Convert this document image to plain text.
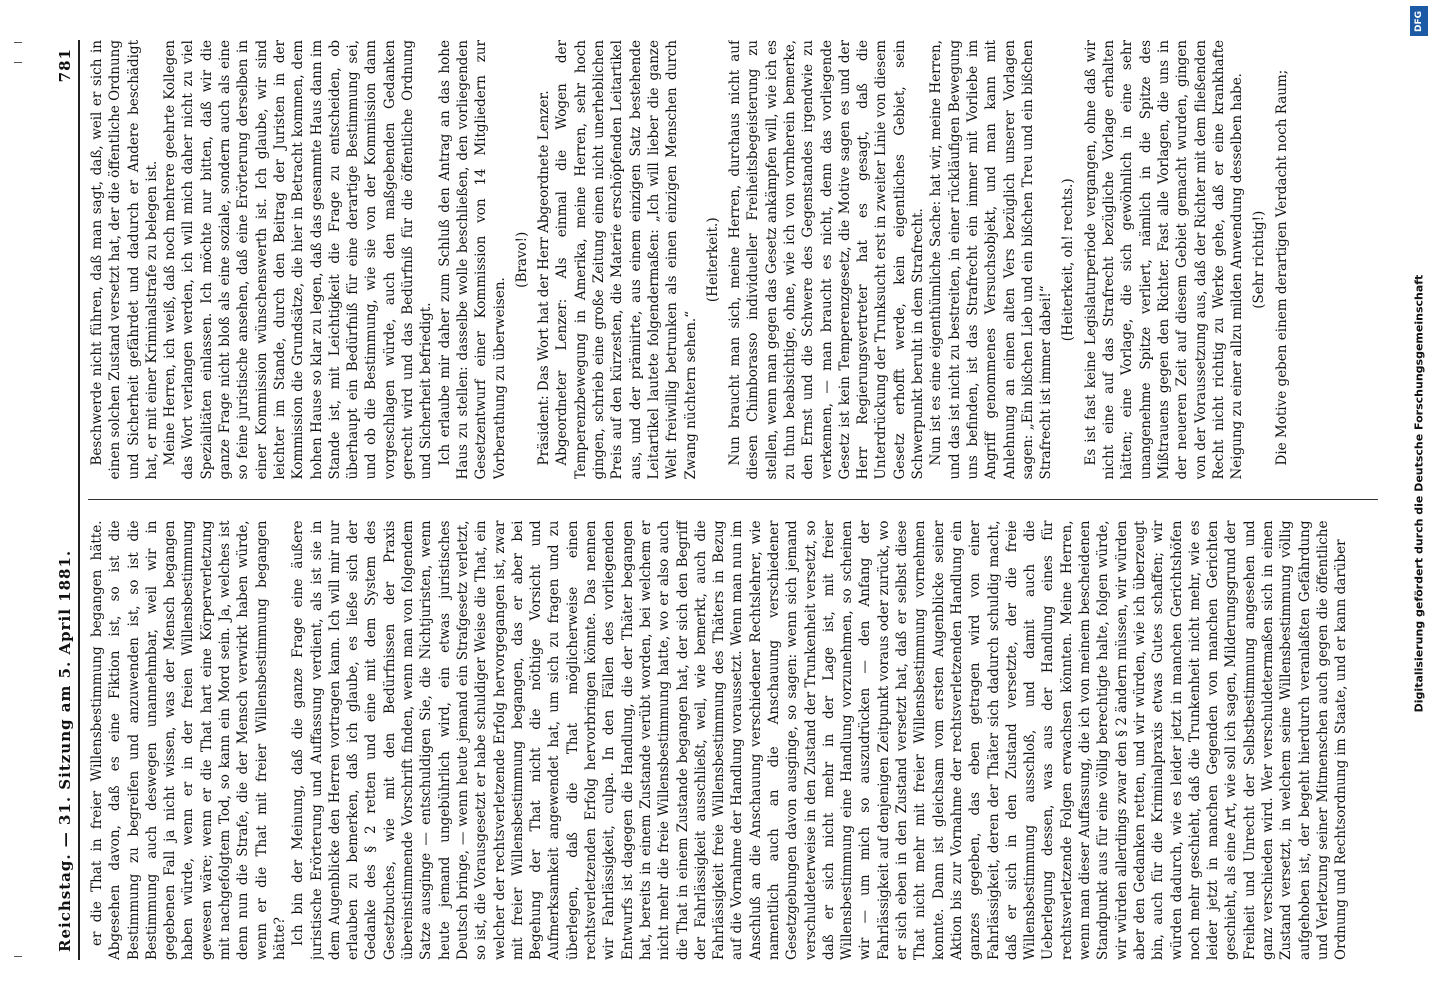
Reichstag. — 31. Sitzung am 5. April 1881.
781

er die That in freier Willensbestimmung begangen hätte. Abgesehen davon, daß es eine Fiktion ist, so ist die Bestimmung zu begreifen und anzuwenden ist, so ist die Bestimmung auch deswegen unannehmbar, weil wir in gegebenen Fall ja nicht wissen, was der Mensch begangen haben würde, wenn er in der freien Willensbestimmung gewesen wäre; wenn er die That hart eine Körperverletzung mit nachgefolgtem Tod, so kann ein Mord sein. Ja, welches ist denn nun die Strafe, die der Mensch verwirkt haben würde, wenn er die That mit freier Willensbestimmung begangen hätte? Ich bin der Meinung, daß die ganze Frage eine äußere juristische Erörterung und Auffassung verdient, als ist sie in dem Augenblicke den Herren vortragen kann. Ich will mir nur erlauben zu bemerken, daß ich glaube, es ließe sich der Gedanke des § 2 retten und eine mit dem System des Gesetzbuches, wie mit den Bedürfnissen der Praxis übereinstimmende Vorschrift finden, wenn man von folgendem Satze ausginge — entschuldigen Sie, die Nichtjuristen, wenn heute jemand ungebührlich wird, ein etwas juristisches Deutsch bringe, — wenn heute jemand ein Strafgesetz verletzt, so ist, die Vorausgesetzt er habe schuldiger Weise die That, ein welcher der rechtsverletzende Erfolg hervorgegangen ist, zwar mit freier Willensbestimmung begangen, das er aber bei Begehung der That nicht die nöthige Vorsicht und Aufmerksamkeit angewendet hat, um sich zu fragen und zu überlegen, daß die That möglicherweise einen rechtsverletzenden Erfolg hervorbringen könnte. Das nennen wir Fahrlässigkeit, culpa. In den Fällen des vorliegenden Entwurfs ist dagegen die Handlung, die der Thäter begangen hat, bereits in einem Zustande verübt worden, bei welchem er nicht mehr die freie Willensbestimmung hatte, wo er also auch die That in einem Zustande begangen hat, der sich den Begriff der Fahrlässigkeit ausschließt, weil, wie bemerkt, auch die Fahrlässigkeit freie Willensbestimmung des Thäters in Bezug auf die Vornahme der Handlung voraussetzt. Wenn man nun im Anschluß an die Anschauung verschiedener Rechtslehrer, wie namentlich auch an die Anschauung verschiedener Gesetzgebungen davon ausginge, so sagen: wenn sich jemand verschuldeterweise in den Zustand der Trunkenheit versetzt, so daß er sich nicht mehr in der Lage ist, mit freier Willensbestimmung eine Handlung vorzunehmen, so scheinen wir — um mich so auszudrücken — den Anfang der Fahrlässigkeit auf denjenigen Zeitpunkt voraus oder zurück, wo er sich eben in den Zustand versetzt hat, daß er selbst diese That nicht mehr mit freier Willensbestimmung vornehmen konnte. Dann ist gleichsam vom ersten Augenblicke seiner Aktion bis zur Vornahme der rechtsverletzenden Handlung ein ganzes gegeben, das eben getragen wird von einer Fahrlässigkeit, deren der Thäter sich dadurch schuldig macht, daß er sich in den Zustand versetzte, der die freie Willensbestimmung ausschloß, und damit auch die Ueberlegung dessen, was aus der Handlung eines für rechtsverletzende Folgen erwachsen könnten. Meine Herren, wenn man dieser Auffassung, die ich von meinem bescheidenen Standpunkt aus für eine völlig berechtigte halte, folgen würde, wir würden allerdings zwar den § 2 ändern müssen, wir würden aber den Gedanken retten, und wir würden, wie ich überzeugt bin, auch für die Kriminalpraxis etwas Gutes schaffen; wir würden dadurch, wie es leider jetzt in manchen Gerichtshöfen noch mehr geschieht, daß die Trunkenheit nicht mehr, wie es leider jetzt in manchen Gegenden von manchen Gerichten geschieht, als eine Art, wie soll ich sagen, Milderungsgrund der Freiheit und Unrecht der Selbstbestimmung angesehen und ganz verschieden wird. Wer verschuldetermaßen sich in einen Zustand versetzt, in welchem seine Willensbestimmung völlig aufgehoben ist, der begeht hierdurch veranlaßten Gefährdung und Verletzung seiner Mitmenschen auch gegen die öffentliche Ordnung und Rechtsordnung im Staate, und er kann darüber

Beschwerde nicht führen, daß man sagt, daß, weil er sich in einen solchen Zustand versetzt hat, der die öffentliche Ordnung und Sicherheit gefährdet und dadurch er Andere beschädigt hat, er mit einer Kriminalstrafe zu belegen ist. Meine Herren, ich weiß, daß noch mehrere geehrte Kollegen das Wort verlangen werden, ich will mich daher nicht zu viel Spezialitäten einlassen. Ich möchte nur bitten, daß wir die ganze Frage nicht bloß als eine soziale, sondern auch als eine so feine juristische ansehen, daß eine Erörterung derselben in einer Kommission wünschenswerth ist. Ich glaube, wir sind leichter im Stande, durch den Beitrag der Juristen in der Kommission die Grundsätze, die hier in Betracht kommen, dem hohen Hause so klar zu legen, daß das gesammte Haus dann im Stande ist, mit Leichtigkeit die Frage zu entscheiden, ob überhaupt ein Bedürfniß für eine derartige Bestimmung sei, und ob die Bestimmung, wie sie von der Kommission dann vorgeschlagen würde, auch den maßgebenden Gedanken gerecht wird und das Bedürfniß für die öffentliche Ordnung und Sicherheit befriedigt. Ich erlaube mir daher zum Schluß den Antrag an das hohe Haus zu stellen: dasselbe wolle beschließen, den vorliegenden Gesetzentwurf einer Kommission von 14 Mitgliedern zur Vorberathung zu überweisen.

(Bravo!) Präsident: Das Wort hat der Herr Abgeordnete Lenzer. Abgeordneter Lenzer: Als einmal die Wogen der Temperenzbewegung in Amerika, meine Herren, sehr hoch gingen, schrieb eine große Zeitung einen nicht unerheblichen Preis auf den kürzesten, die Materie erschöpfenden Leitartikel aus, und der prämiirte, aus einem einzigen Satz bestehende Leitartikel lautete folgendermaßen: „Ich will lieber die ganze Welt freiwillig betrunken als einen einzigen Menschen durch Zwang nüchtern sehen.“

(Heiterkeit.) Nun braucht man sich, meine Herren, durchaus nicht auf diesen Chimborasso individueller Freiheitsbegeisterung zu stellen, wenn man gegen das Gesetz ankämpfen will, wie ich es zu thun beabsichtige, ohne, wie ich von vornherein bemerke, den Ernst und die Schwere des Gegenstandes irgendwie zu verkennen, — man braucht es nicht, denn das vorliegende Gesetz ist kein Temperenzgesetz, die Motive sagen es und der Herr Regierungsvertreter hat es gesagt, daß die Unterdrückung der Trunksucht erst in zweiter Linie von diesem Gesetz erhofft werde, kein eigentliches Gebiet, sein Schwerpunkt beruht in dem Strafrecht. Nun ist es eine eigenthümliche Sache: hat wir, meine Herren, und das ist nicht zu bestreiten, in einer rückläufigen Bewegung uns befinden, ist das Strafrecht ein immer mit Vorliebe im Angriff genommenes Versuchsobjekt, und man kann mit Anlehnung an einen alten Vers bezüglich unserer Vorlagen sagen: „Ein bißchen Lieb und ein bißchen Treu und ein bißchen Strafrecht ist immer dabei!“

(Heiterkeit, oh! rechts.) Es ist fast keine Legislaturperiode vergangen, ohne daß wir nicht eine auf das Strafrecht bezügliche Vorlage erhalten hätten; eine Vorlage, die sich gewöhnlich in eine sehr unangenehme Spitze verliert, nämlich in die Spitze des Mißtrauens gegen den Richter. Fast alle Vorlagen, die uns in der neueren Zeit auf diesem Gebiet gemacht wurden, gingen von der Voraussetzung aus, daß der Richter mit dem fließenden Recht nicht richtig zu Werke gehe, daß er eine krankhafte Neigung zu einer allzu milden Anwendung desselben habe. (Sehr richtig!) Die Motive geben einem derartigen Verdacht noch Raum;

DFG
Digitalisierung gefördert durch die Deutsche Forschungsgemeinschaft
